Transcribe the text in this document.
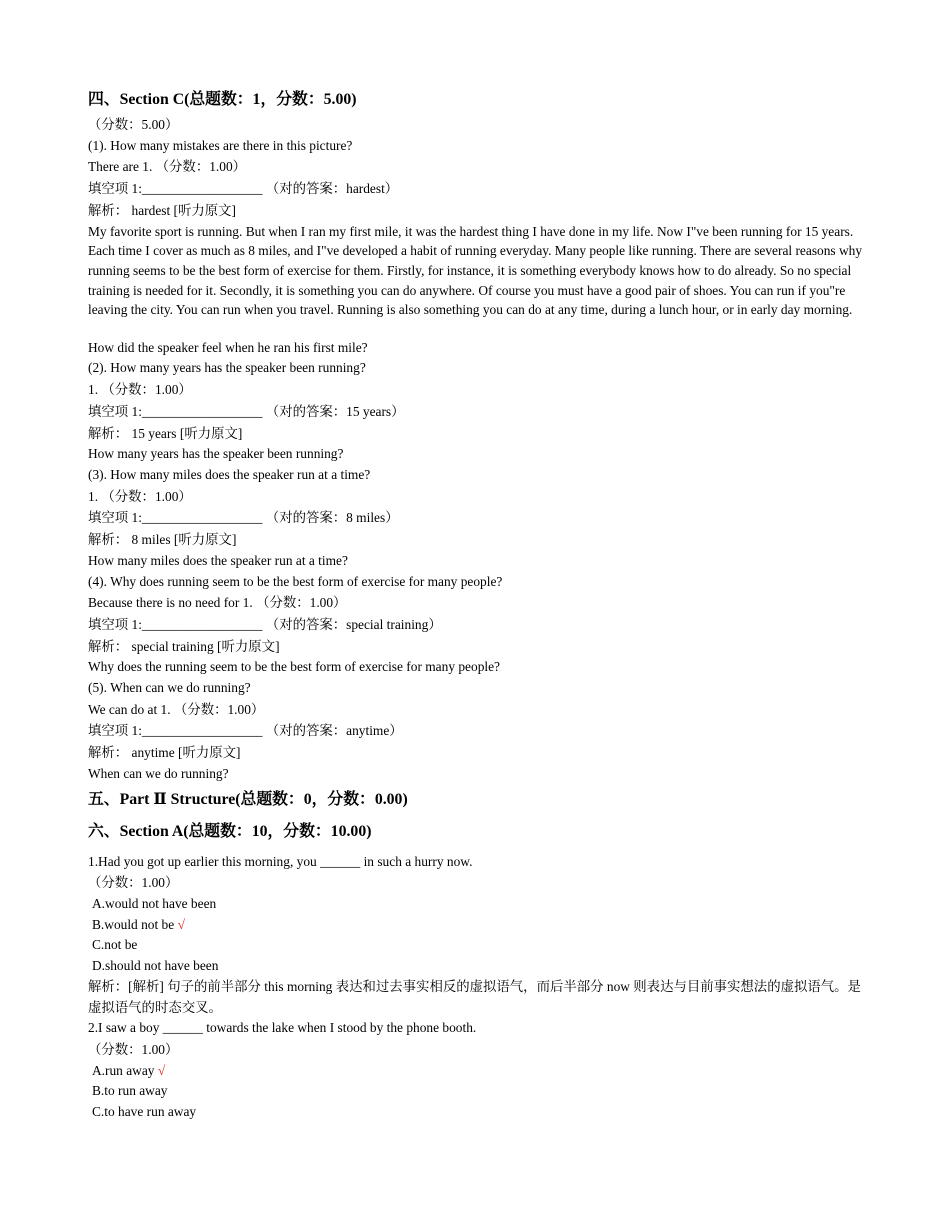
四、Section C(总题数：1，分数：5.00)

（分数：5.00）

(1). How many mistakes are there in this picture?

There are 1. （分数：1.00）

填空项 1:__________________ （对的答案：hardest）

解析： hardest [听力原文]

My favorite sport is running. But when I ran my first mile, it was the hardest thing I have done in my life. Now I"ve been running for 15 years. Each time I cover as much as 8 miles, and I"ve developed a habit of running everyday. Many people like running. There are several reasons why running seems to be the best form of exercise for them. Firstly, for instance, it is something everybody knows how to do already. So no special training is needed for it. Secondly, it is something you can do anywhere. Of course you must have a good pair of shoes. You can run if you"re leaving the city. You can run when you travel. Running is also something you can do at any time, during a lunch hour, or in early day morning.

How did the speaker feel when he ran his first mile?

(2). How many years has the speaker been running?

1. （分数：1.00）

填空项 1:__________________ （对的答案：15 years）

解析： 15 years [听力原文]

How many years has the speaker been running?

(3). How many miles does the speaker run at a time?

1. （分数：1.00）

填空项 1:__________________ （对的答案：8 miles）

解析： 8 miles [听力原文]

How many miles does the speaker run at a time?

(4). Why does running seem to be the best form of exercise for many people?

Because there is no need for 1. （分数：1.00）

填空项 1:__________________ （对的答案：special training）

解析： special training [听力原文]

Why does the running seem to be the best form of exercise for many people?

(5). When can we do running?

We can do at 1. （分数：1.00）

填空项 1:__________________ （对的答案：anytime）

解析： anytime [听力原文]

When can we do running?

五、Part Ⅱ Structure(总题数：0，分数：0.00)
六、Section A(总题数：10，分数：10.00)

1.Had you got up earlier this morning, you ______ in such a hurry now.

（分数：1.00）

A.would not have been

B.would not be √

C.not be

D.should not have been

解析：[解析] 句子的前半部分 this morning 表达和过去事实相反的虚拟语气，而后半部分 now 则表达与目前事实想法的虚拟语气。是虚拟语气的时态交叉。

2.I saw a boy ______ towards the lake when I stood by the phone booth.

（分数：1.00）

A.run away √

B.to run away

C.to have run away
